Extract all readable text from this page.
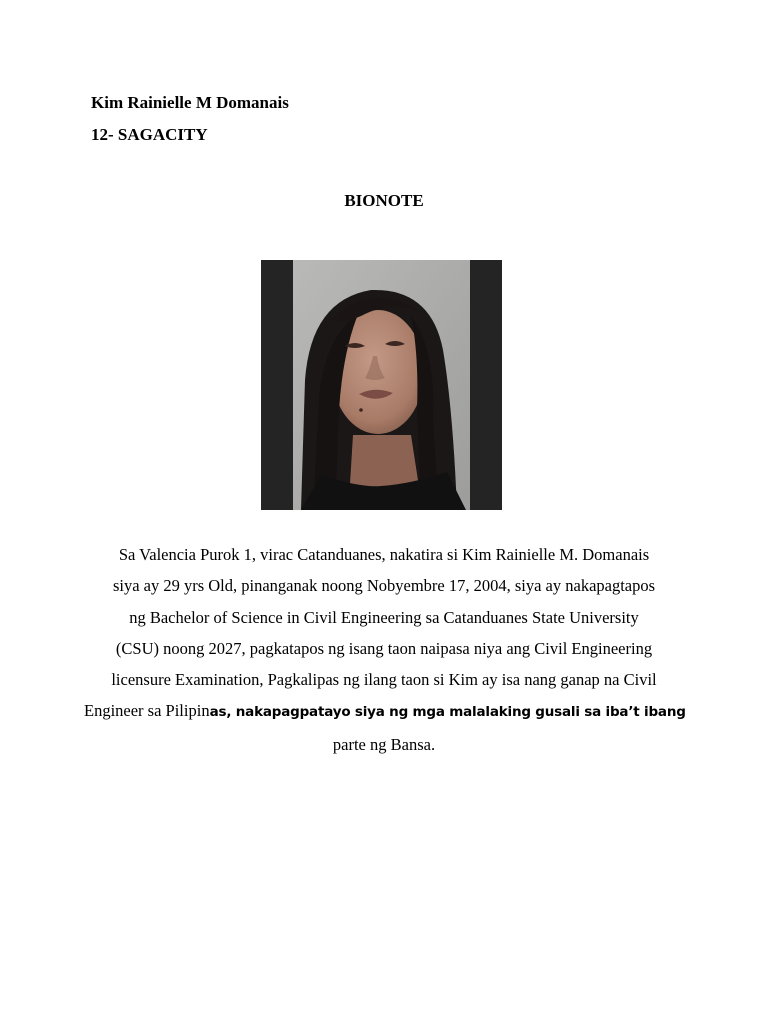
Kim Rainielle M Domanais
12- SAGACITY
BIONOTE
Sa Valencia Purok 1, virac Catanduanes, nakatira si Kim Rainielle M. Domanais
siya ay 29 yrs Old, pinanganak noong Nobyembre 17, 2004, siya ay nakapagtapos
ng Bachelor of Science in Civil Engineering sa Catanduanes State University
(CSU) noong 2027, pagkatapos ng isang taon naipasa niya ang Civil Engineering
licensure Examination, Pagkalipas ng ilang taon si Kim ay isa nang ganap na Civil
Engineer sa Pilipinas, nakapagpatayo siya ng mga malalaking gusali sa iba’t ibang
parte ng Bansa.
